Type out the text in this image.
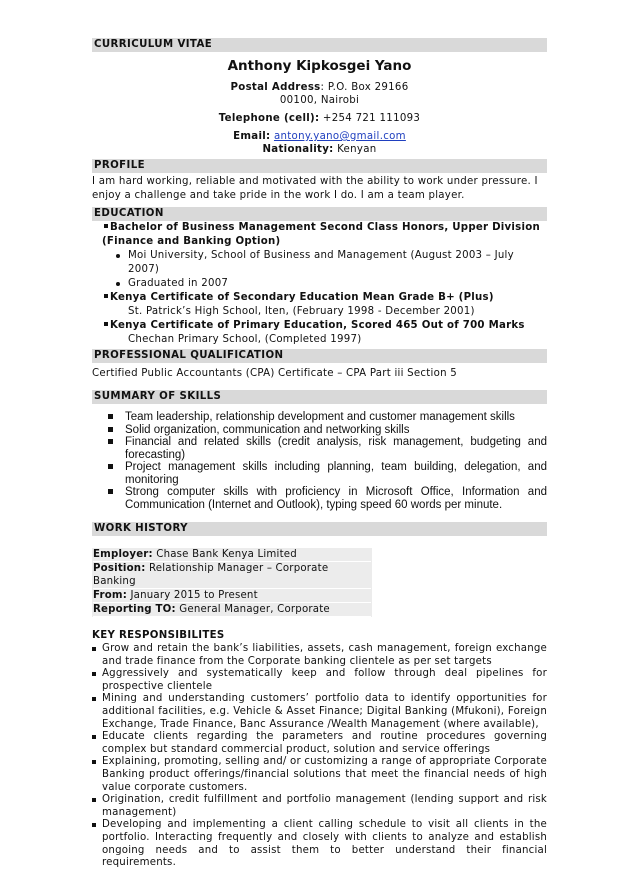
CURRICULUM VITAE
Anthony Kipkosgei Yano
Postal Address: P.O. Box 29166
00100, Nairobi
Telephone (cell): +254 721 111093
Email: antony.yano@gmail.com
Nationality: Kenyan
PROFILE

I am hard working, reliable and motivated with the ability to work under pressure. I enjoy a challenge and take pride in the work I do. I am a team player.

EDUCATION
Bachelor of Business Management Second Class Honors, Upper Division (Finance and Banking Option)
Moi University, School of Business and Management (August 2003 – July 2007)
Graduated in 2007
Kenya Certificate of Secondary Education Mean Grade B+ (Plus)
St. Patrick’s High School, Iten, (February 1998 - December 2001)
Kenya Certificate of Primary Education, Scored 465 Out of 700 Marks
Chechan Primary School, (Completed 1997)
PROFESSIONAL QUALIFICATION

Certified Public Accountants (CPA) Certificate – CPA Part iii Section 5

SUMMARY OF SKILLS
Team leadership, relationship development and customer management skills
Solid organization, communication and networking skills
Financial and related skills (credit analysis, risk management, budgeting and forecasting)
Project management skills including planning, team building, delegation, and monitoring
Strong computer skills with proficiency in Microsoft Office, Information and Communication (Internet and Outlook), typing speed 60 words per minute.
WORK HISTORY
Employer: Chase Bank Kenya Limited
Position: Relationship Manager – Corporate Banking
From: January 2015 to Present
Reporting TO: General Manager, Corporate
KEY RESPONSIBILITES
Grow and retain the bank’s liabilities, assets, cash management, foreign exchange and trade finance from the Corporate banking clientele as per set targets
Aggressively and systematically keep and follow through deal pipelines for prospective clientele
Mining and understanding customers’ portfolio data to identify opportunities for additional facilities, e.g. Vehicle & Asset Finance; Digital Banking (Mfukoni), Foreign Exchange, Trade Finance, Banc Assurance /Wealth Management (where available),
Educate clients regarding the parameters and routine procedures governing complex but standard commercial product, solution and service offerings
Explaining, promoting, selling and/ or customizing a range of appropriate Corporate Banking product offerings/financial solutions that meet the financial needs of high value corporate customers.
Origination, credit fulfillment and portfolio management (lending support and risk management)
Developing and implementing a client calling schedule to visit all clients in the portfolio. Interacting frequently and closely with clients to analyze and establish ongoing needs and to assist them to better understand their financial requirements.
